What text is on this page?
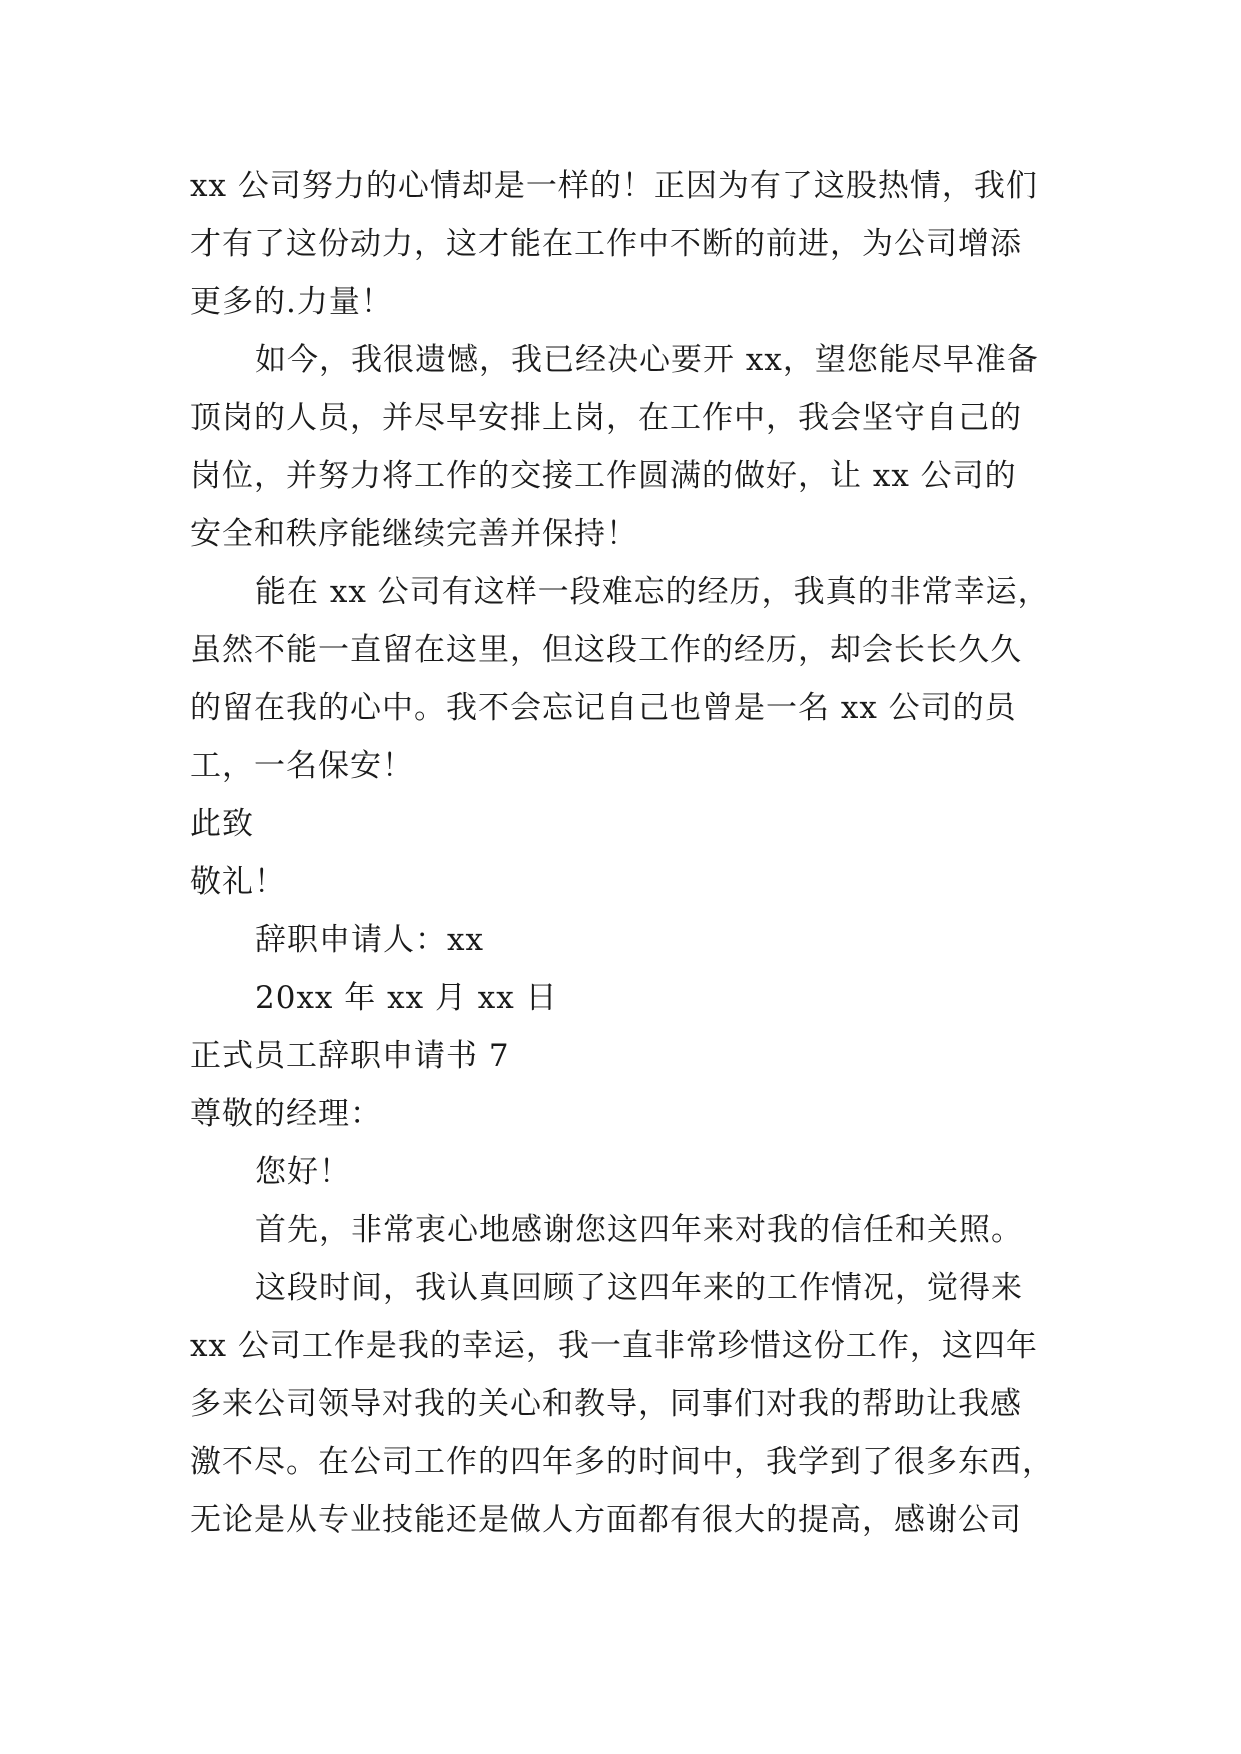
xx 公司努力的心情却是一样的！正因为有了这股热情，我们
才有了这份动力，这才能在工作中不断的前进，为公司增添
更多的.力量！
如今，我很遗憾，我已经决心要开 xx，望您能尽早准备
顶岗的人员，并尽早安排上岗，在工作中，我会坚守自己的
岗位，并努力将工作的交接工作圆满的做好，让 xx 公司的
安全和秩序能继续完善并保持！
能在 xx 公司有这样一段难忘的经历，我真的非常幸运，
虽然不能一直留在这里，但这段工作的经历，却会长长久久
的留在我的心中。我不会忘记自己也曾是一名 xx 公司的员
工，一名保安！
此致
敬礼！
辞职申请人：xx
20xx 年 xx 月 xx 日
正式员工辞职申请书 7
尊敬的经理：
您好！
首先，非常衷心地感谢您这四年来对我的信任和关照。
这段时间，我认真回顾了这四年来的工作情况，觉得来
xx 公司工作是我的幸运，我一直非常珍惜这份工作，这四年
多来公司领导对我的关心和教导，同事们对我的帮助让我感
激不尽。在公司工作的四年多的时间中，我学到了很多东西，
无论是从专业技能还是做人方面都有很大的提高，感谢公司
